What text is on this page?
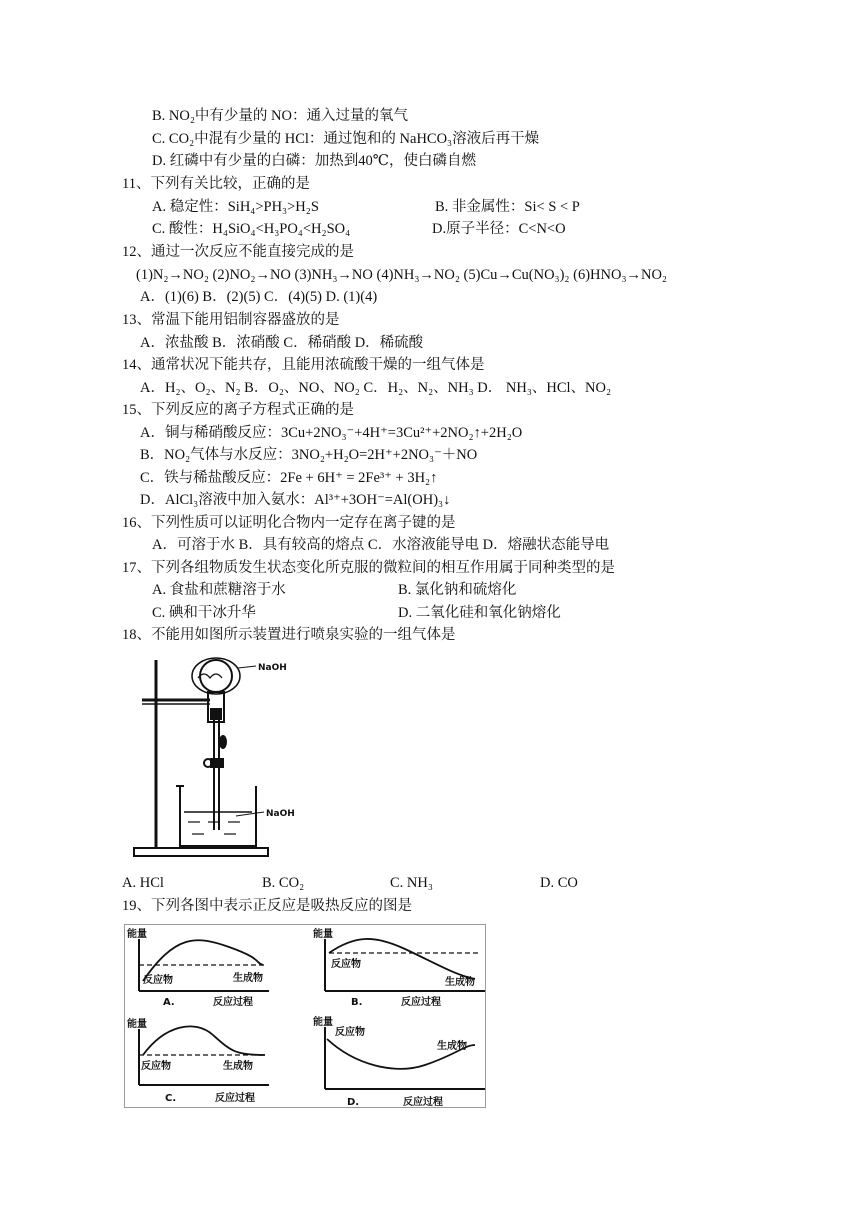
B. NO₂中有少量的 NO：通入过量的氧气
C. CO₂中混有少量的 HCl：通过饱和的 NaHCO₃溶液后再干燥
D. 红磷中有少量的白磷：加热到40℃，使白磷自燃
11、下列有关比较，正确的是
A. 稳定性：SiH₄>PH₃>H₂S	B. 非金属性：Si< S < P
C. 酸性：H₄SiO₄<H₃PO₄<H₂SO₄	D.原子半径：C<N<O
12、通过一次反应不能直接完成的是
(1)N₂→NO₂ (2)NO₂→NO (3)NH₃→NO (4)NH₃→NO₂ (5)Cu→Cu(NO₃)₂ (6)HNO₃→NO₂
A．(1)(6) B．(2)(5) C．(4)(5) D. (1)(4)
13、常温下能用铝制容器盛放的是
A．浓盐酸 B．浓硝酸 C．稀硝酸 D．稀硫酸
14、通常状况下能共存，且能用浓硫酸干燥的一组气体是
A．H₂、O₂、N₂ B．O₂、NO、NO₂ C．H₂、N₂、NH₃ D． NH₃、HCl、NO₂
15、下列反应的离子方程式正确的是
A．铜与稀硝酸反应：3Cu+2NO₃⁻+4H⁺=3Cu²⁺+2NO₂↑+2H₂O
B．NO₂气体与水反应：3NO₂+H₂O=2H⁺+2NO₃⁻＋NO
C．铁与稀盐酸反应：2Fe + 6H⁺ = 2Fe³⁺ + 3H₂↑
D．AlCl₃溶液中加入氨水：Al³⁺+3OH⁻=Al(OH)₃↓
16、下列性质可以证明化合物内一定存在离子键的是
A．可溶于水 B．具有较高的熔点 C．水溶液能导电 D．熔融状态能导电
17、下列各组物质发生状态变化所克服的微粒间的相互作用属于同种类型的是
A. 食盐和蔗糖溶于水	B. 氯化钠和硫熔化
C. 碘和干冰升华	D. 二氧化硅和氧化钠熔化
18、不能用如图所示装置进行喷泉实验的一组气体是
A. HCl	B. CO₂	C. NH₃	D. CO
19、下列各图中表示正反应是吸热反应的图是
NaOH
NaOH
能量
反应物	生成物
A.	反应过程
能量
反应物
生成物
B.	反应过程
能量
反应物	生成物
C.	反应过程
能量
反应物
生成物
D.	反应过程
